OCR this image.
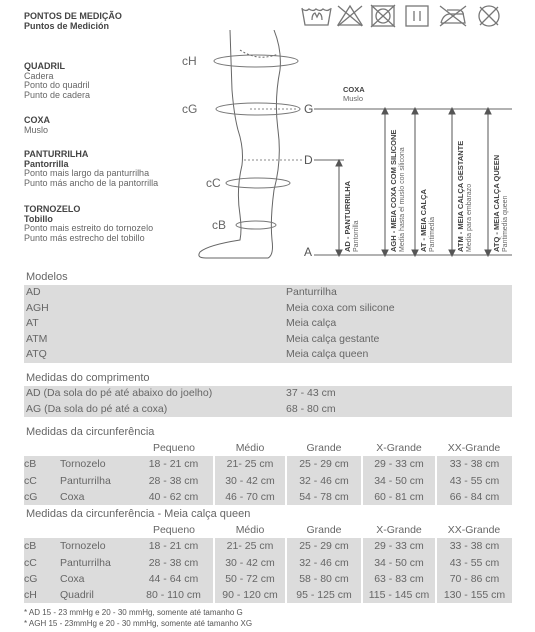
PONTOS DE MEDIÇÃO
Puntos de Medición
QUADRIL
Cadera
Ponto do quadril
Punto de cadera
COXA
Muslo
PANTURRILHA
Pantorrilla
Ponto mais largo da panturrilha
Punto más ancho de la pantorrilla
TORNOZELO
Tobillo
Ponto mais estreito do tornozelo
Punto más estrecho del tobillo
cH
cG
cC
cB
G
D
A
COXA
Muslo
AD - PANTURRILHA Pantorrilla	AGH - MEIA COXA COM SILICONE Media hasta el muslo con silicona AT - MEIA CALÇA Pantimedia	ATM - MEIA CALÇA GESTANTE Media para embarazo	ATQ - MEIA CALÇA QUEEN Pantimedia queen
Modelos
AD	Panturrilha
AGH	Meia coxa com silicone
AT	Meia calça
ATM	Meia calça gestante
ATQ	Meia calça queen
Medidas do comprimento
AD (Da sola do pé até abaixo do joelho)	37 - 43 cm
AG (Da sola do pé até a coxa)	68 - 80 cm
Medidas da circunferência
		Pequeno	Médio	Grande	X-Grande	XX-Grande
cB	Tornozelo	18 - 21 cm	21- 25 cm	25 - 29 cm	29 - 33 cm	33 - 38 cm
cC	Panturrilha	28 - 38 cm	30 - 42 cm	32 - 46 cm	34 - 50 cm	43 - 55 cm
cG	Coxa	40 - 62 cm	46 - 70 cm	54 - 78 cm	60 - 81 cm	66 - 84 cm
Medidas da circunferência - Meia calça queen
		Pequeno	Médio	Grande	X-Grande	XX-Grande
cB	Tornozelo	18 - 21 cm	21- 25 cm	25 - 29 cm	29 - 33 cm	33 - 38 cm
cC	Panturrilha	28 - 38 cm	30 - 42 cm	32 - 46 cm	34 - 50 cm	43 - 55 cm
cG	Coxa	44 - 64 cm	50 - 72 cm	58 - 80 cm	63 - 83 cm	70 - 86 cm
cH	Quadril	80 - 110 cm	90 - 120 cm	95 - 125 cm	115 - 145 cm	130 - 155 cm
* AD 15 - 23 mmHg e 20 - 30 mmHg, somente até tamanho G
* AGH 15 - 23mmHg e 20 - 30 mmHg, somente até tamanho XG
